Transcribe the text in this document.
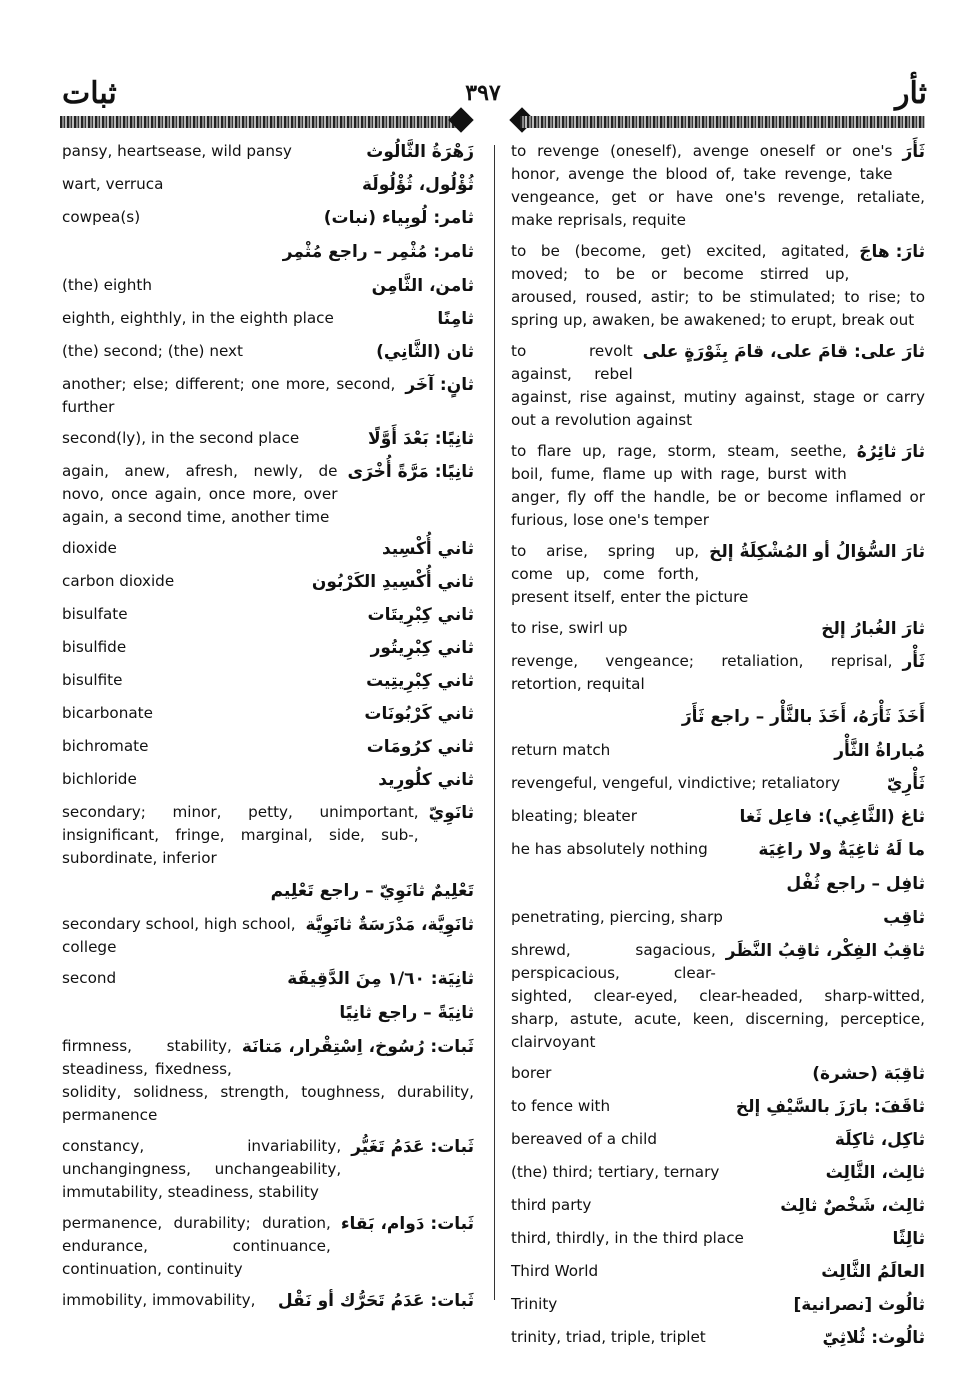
ثبات	٣٩٧	ثأر
زَهْرَةُ الثَّالُوث
pansy, heartsease, wild pansy
ثُؤْلُول، ثُؤْلُولَة
wart, verruca
ثامر: لُوبِياء (نبات)
cowpea(s)
ثامر: مُثْمِر – راجع مُثْمِر
ثامن، الثَّامِن
(the) eighth
ثامِنًا
eighth, eighthly, in the eighth place
ثان (الثَّانِي)
(the) second; (the) next
ثانٍ: آخَر
another; else; different; one more, second, further
ثانِيًا: بَعْدَ أَوَّلًا
second(ly), in the second place
ثانِيًا: مَرَّةً أُخْرَى
again, anew, afresh, newly, de novo, once again, once more, over again, a second time, another time
ثاني أُكْسِيد
dioxide
ثاني أُكْسِيدِ الكَرْبُون
carbon dioxide
ثاني كِبْرِيتَات
bisulfate
ثاني كِبْرِيتُور
bisulfide
ثاني كِبْرِيتِيت
bisulfite
ثاني كَرْبُونَات
bicarbonate
ثاني كرُومَات
bichromate
ثاني كلُورِيد
bichloride
ثانَوِيّ
secondary; minor, petty, unimportant, insignificant, fringe, marginal, side, sub-, subordinate, inferior
تَعْلِيمٌ ثانَوِيّ – راجع تَعْلِيم
ثانَوِيَّة، مَدْرَسَةٌ ثانَوِيَّة
secondary school, high school, college
ثانِيَة: ١/٦٠ مِنَ الدَّقِيقَة
second
ثانِيَةً – راجع ثانِيًا
ثَبات: رُسُوخ، اِسْتِقْرار، مَتانَة
firmness, stability, steadiness, fixedness, solidity, solidness, strength, toughness, durability, permanence
ثَبات: عَدَمُ تَغَيُّر
constancy, invariability, unchangingness, unchangeability, immutability, steadiness, stability
ثَبات: دَوام، بَقاء
permanence, durability; duration, endurance, continuance, continuation, continuity
ثَبات: عَدَمُ تَحَرُّك أو نَقْل
immobility, immovability,
ثَأَرَ
to revenge (oneself), avenge oneself or one's honor, avenge the blood of, take revenge, take vengeance, get or have one's revenge, retaliate, make reprisals, requite
ثارَ: هاجَ
to be (become, get) excited, agitated, moved; to be or become stirred up, aroused, roused, astir; to be stimulated; to rise; to spring up, awaken, be awakened; to erupt, break out
ثارَ على: قامَ على، قامَ بِثَوْرَةٍ على
to revolt against, rebel against, rise against, mutiny against, stage or carry out a revolution against
ثارَ ثائِرُهُ
to flare up, rage, storm, steam, seethe, boil, fume, flame up with rage, burst with anger, fly off the handle, be or become inflamed or furious, lose one's temper
ثارَ السُّؤالُ أو المُشْكِلَةُ إلخ
to arise, spring up, come up, come forth, present itself, enter the picture
ثارَ الغُبارُ إلخ
to rise, swirl up
ثَأْر
revenge, vengeance; retaliation, reprisal, retortion, requital
أَخَذَ ثَأْرَهُ، أَخَذَ بالثَّأْر – راجع ثَأَرَ
مُباراةُ الثَّأْر
return match
ثَأْرِيّ
revengeful, vengeful, vindictive; retaliatory
ثاغ (الثَّاغِي): فاعِل ثَغا
bleating; bleater
ما لَهُ ثاغِيَةٌ ولا راغِيَة
he has absolutely nothing
ثافِل – راجع ثُفْل
ثاقِب
penetrating, piercing, sharp
ثاقِبُ الفِكْر، ثاقِبُ النَّظَر
shrewd, sagacious, perspicacious, clear-sighted, clear-eyed, clear-headed, sharp-witted, sharp, astute, acute, keen, discerning, perceptice, clairvoyant
ثاقِبَة (حشرة)
borer
ثاقَفَ: بارَزَ بالسَّيْفِ إلخ
to fence with
ثاكِل، ثاكِلَة
bereaved of a child
ثالِث، الثَّالِث
(the) third; tertiary, ternary
ثالِث، شَخْصٌ ثالِث
third party
ثالِثًا
third, thirdly, in the third place
العالَمُ الثَّالِث
Third World
ثالُوث [نصرانية]
Trinity
ثالُوث: ثُلاثِيّ
trinity, triad, triple, triplet
